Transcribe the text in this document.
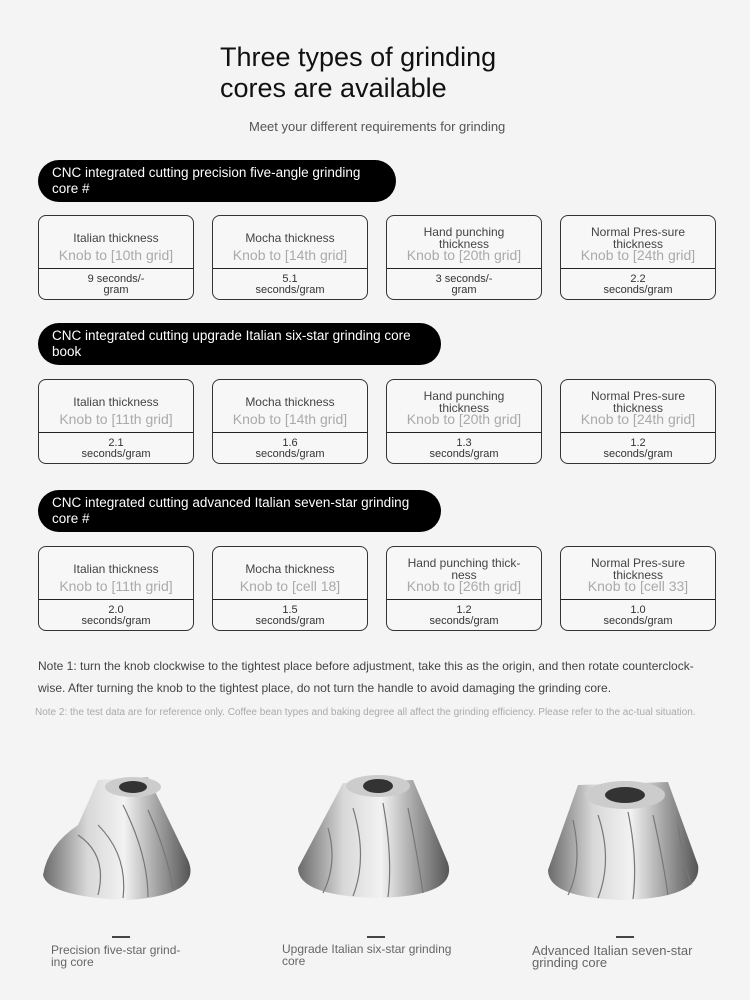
Three types of grinding cores are available
Meet your different requirements for grinding
CNC integrated cutting precision five-angle grinding core #
Italian thickness
Knob to [10th grid]
9 seconds/-gram
Mocha thickness
Knob to [14th grid]
5.1 seconds/gram
Hand punching thickness
Knob to [20th grid]
3 seconds/-gram
Normal Pres-sure thickness
Knob to [24th grid]
2.2 seconds/gram
CNC integrated cutting upgrade Italian six-star grinding core book
Italian thickness
Knob to [11th grid]
2.1 seconds/gram
Mocha thickness
Knob to [14th grid]
1.6 seconds/gram
Hand punching thickness
Knob to [20th grid]
1.3 seconds/gram
Normal Pres-sure thickness
Knob to [24th grid]
1.2 seconds/gram
CNC integrated cutting advanced Italian seven-star grinding core #
Italian thickness
Knob to [11th grid]
2.0 seconds/gram
Mocha thickness
Knob to [cell 18]
1.5 seconds/gram
Hand punching thick-ness
Knob to [26th grid]
1.2 seconds/gram
Normal Pres-sure thickness
Knob to [cell 33]
1.0 seconds/gram
Note 1: turn the knob clockwise to the tightest place before adjustment, take this as the origin, and then rotate counterclock-wise. After turning the knob to the tightest place, do not turn the handle to avoid damaging the grinding core.
Note 2: the test data are for reference only. Coffee bean types and baking degree all affect the grinding efficiency. Please refer to the ac-tual situation.
Precision five-star grind-ing core
Upgrade Italian six-star grinding core
Advanced Italian seven-star grinding core
